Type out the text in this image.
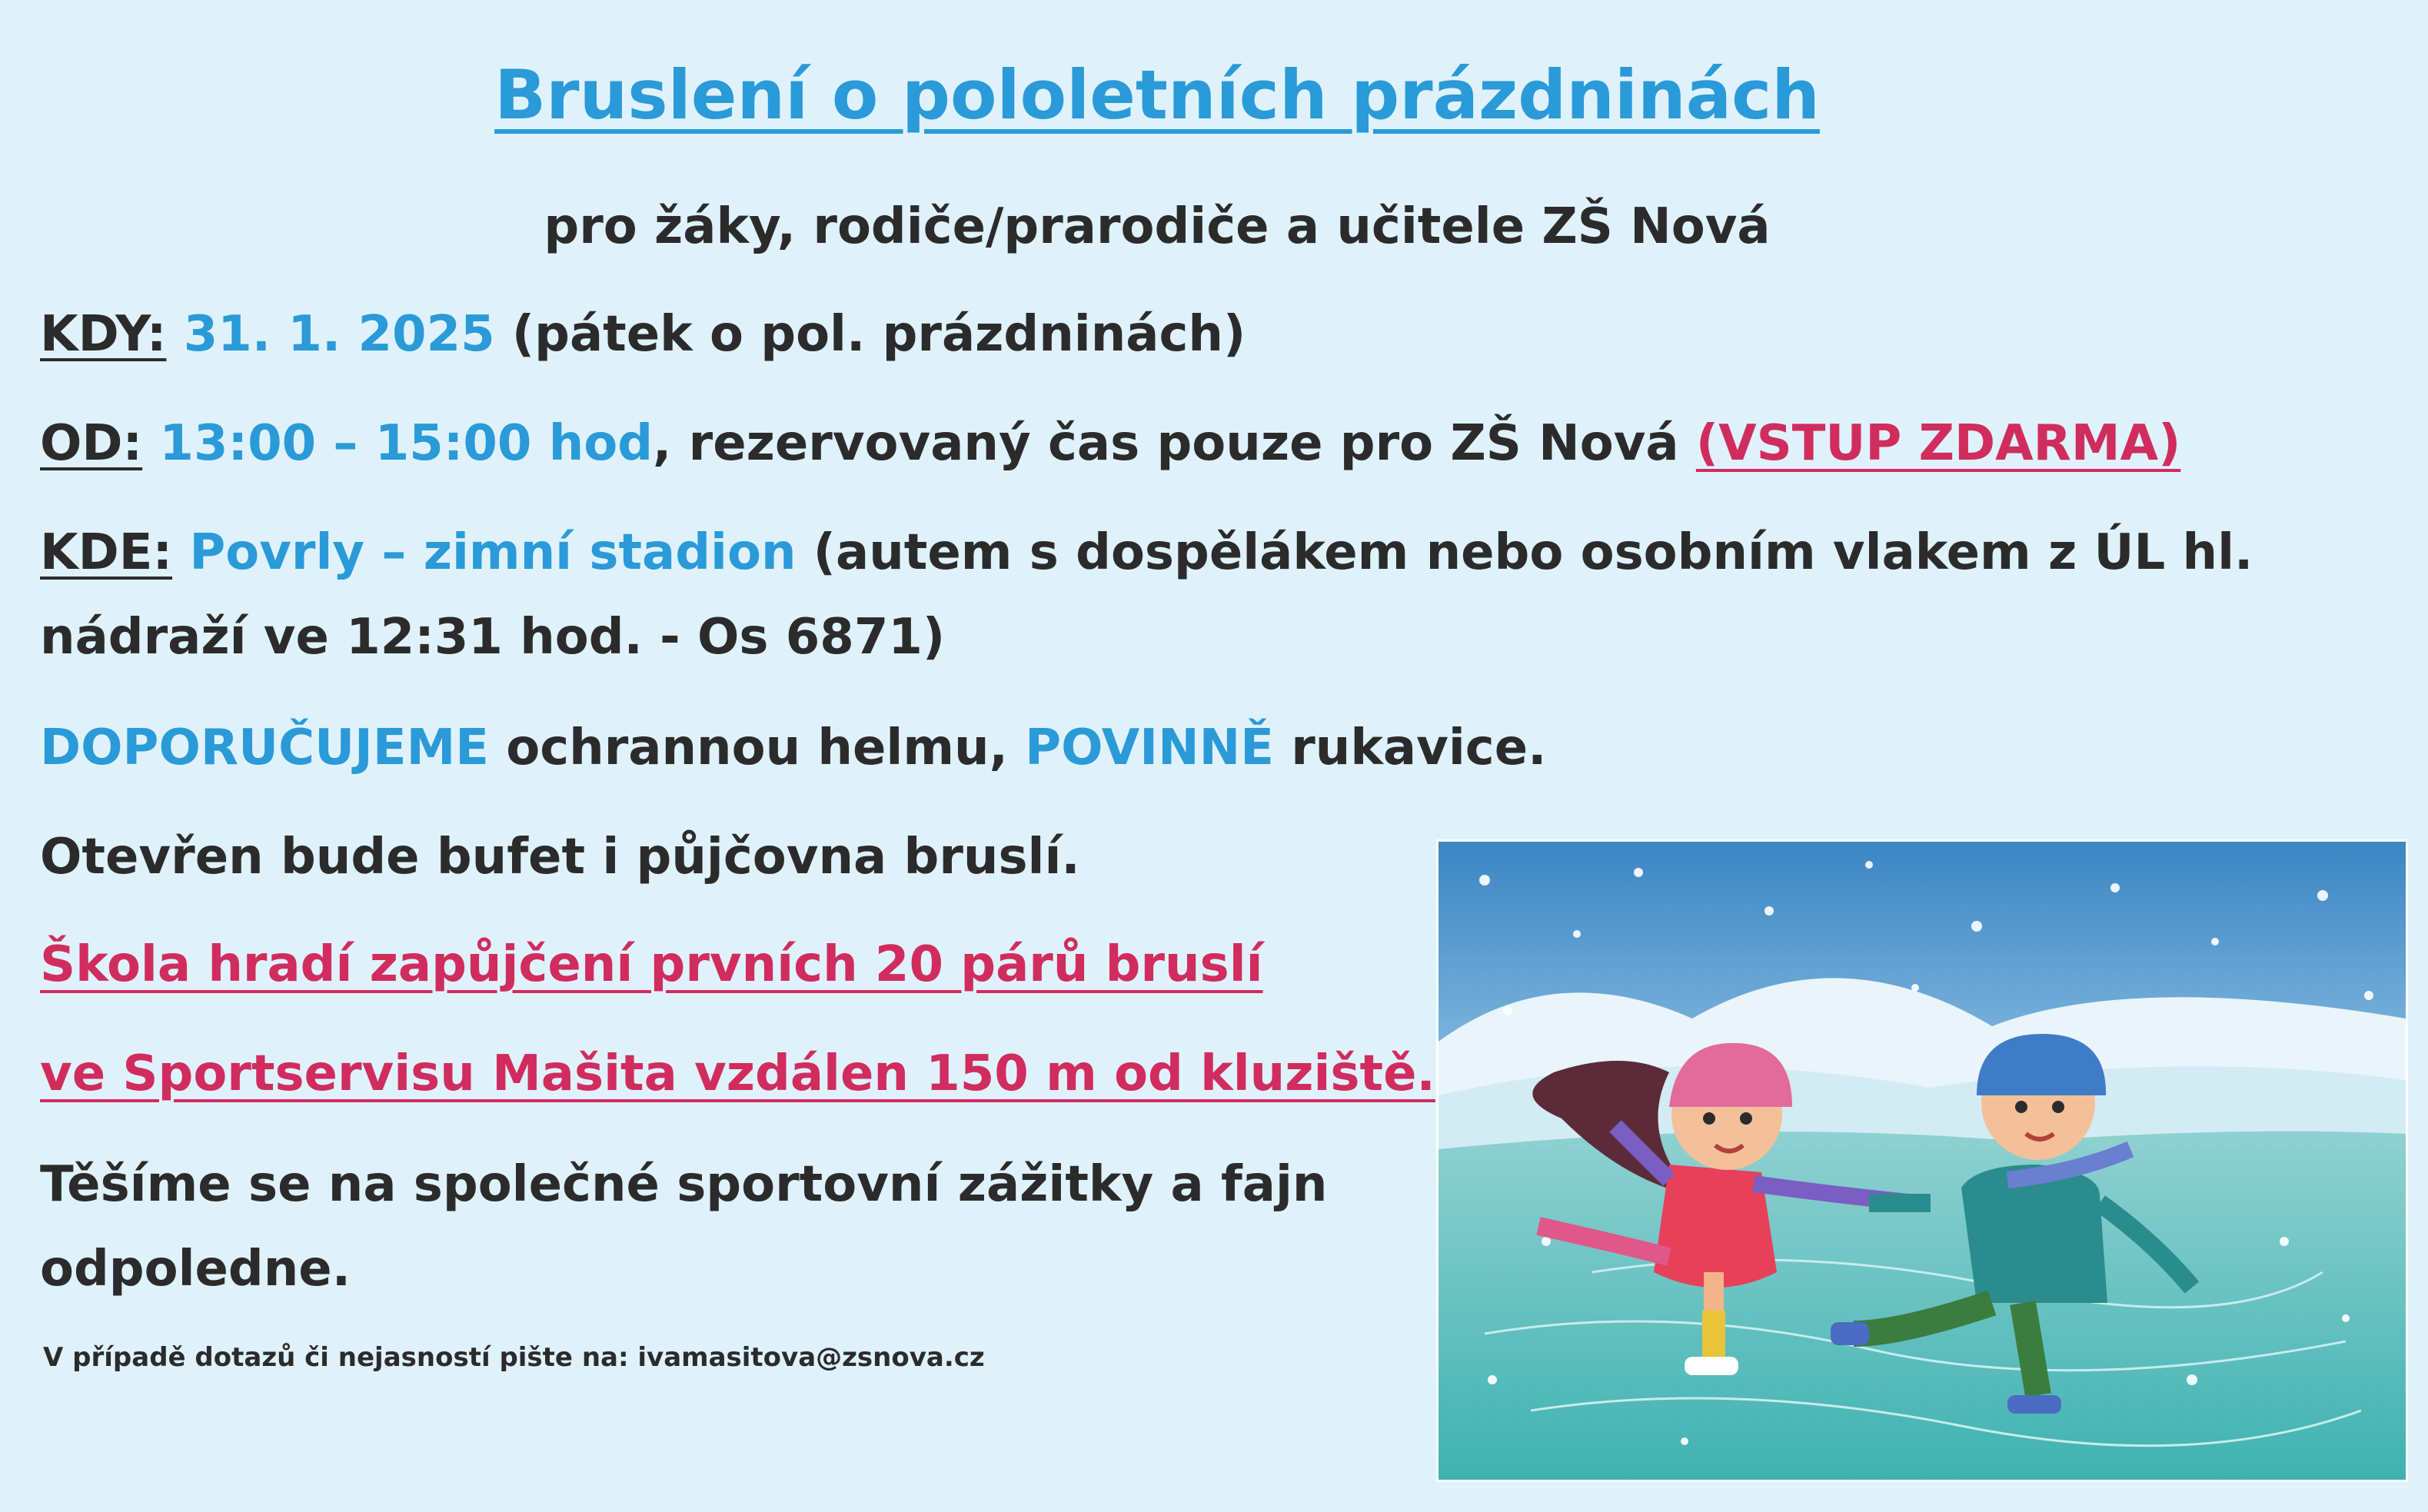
Bruslení o pololetních prázdninách
pro žáky, rodiče/prarodiče a učitele ZŠ Nová
KDY: 31. 1. 2025 (pátek o pol. prázdninách)
OD: 13:00 – 15:00 hod, rezervovaný čas pouze pro ZŠ Nová (VSTUP ZDARMA)
KDE: Povrly – zimní stadion (autem s dospělákem nebo osobním vlakem z ÚL hl.
nádraží ve 12:31 hod. - Os 6871)
DOPORUČUJEME ochrannou helmu, POVINNĚ rukavice.
Otevřen bude bufet i půjčovna bruslí.
Škola hradí zapůjčení prvních 20 párů bruslí
ve Sportservisu Mašita vzdálen 150 m od kluziště.
Těšíme se na společné sportovní zážitky a fajn
odpoledne.
V případě dotazů či nejasností pište na: ivamasitova@zsnova.cz
